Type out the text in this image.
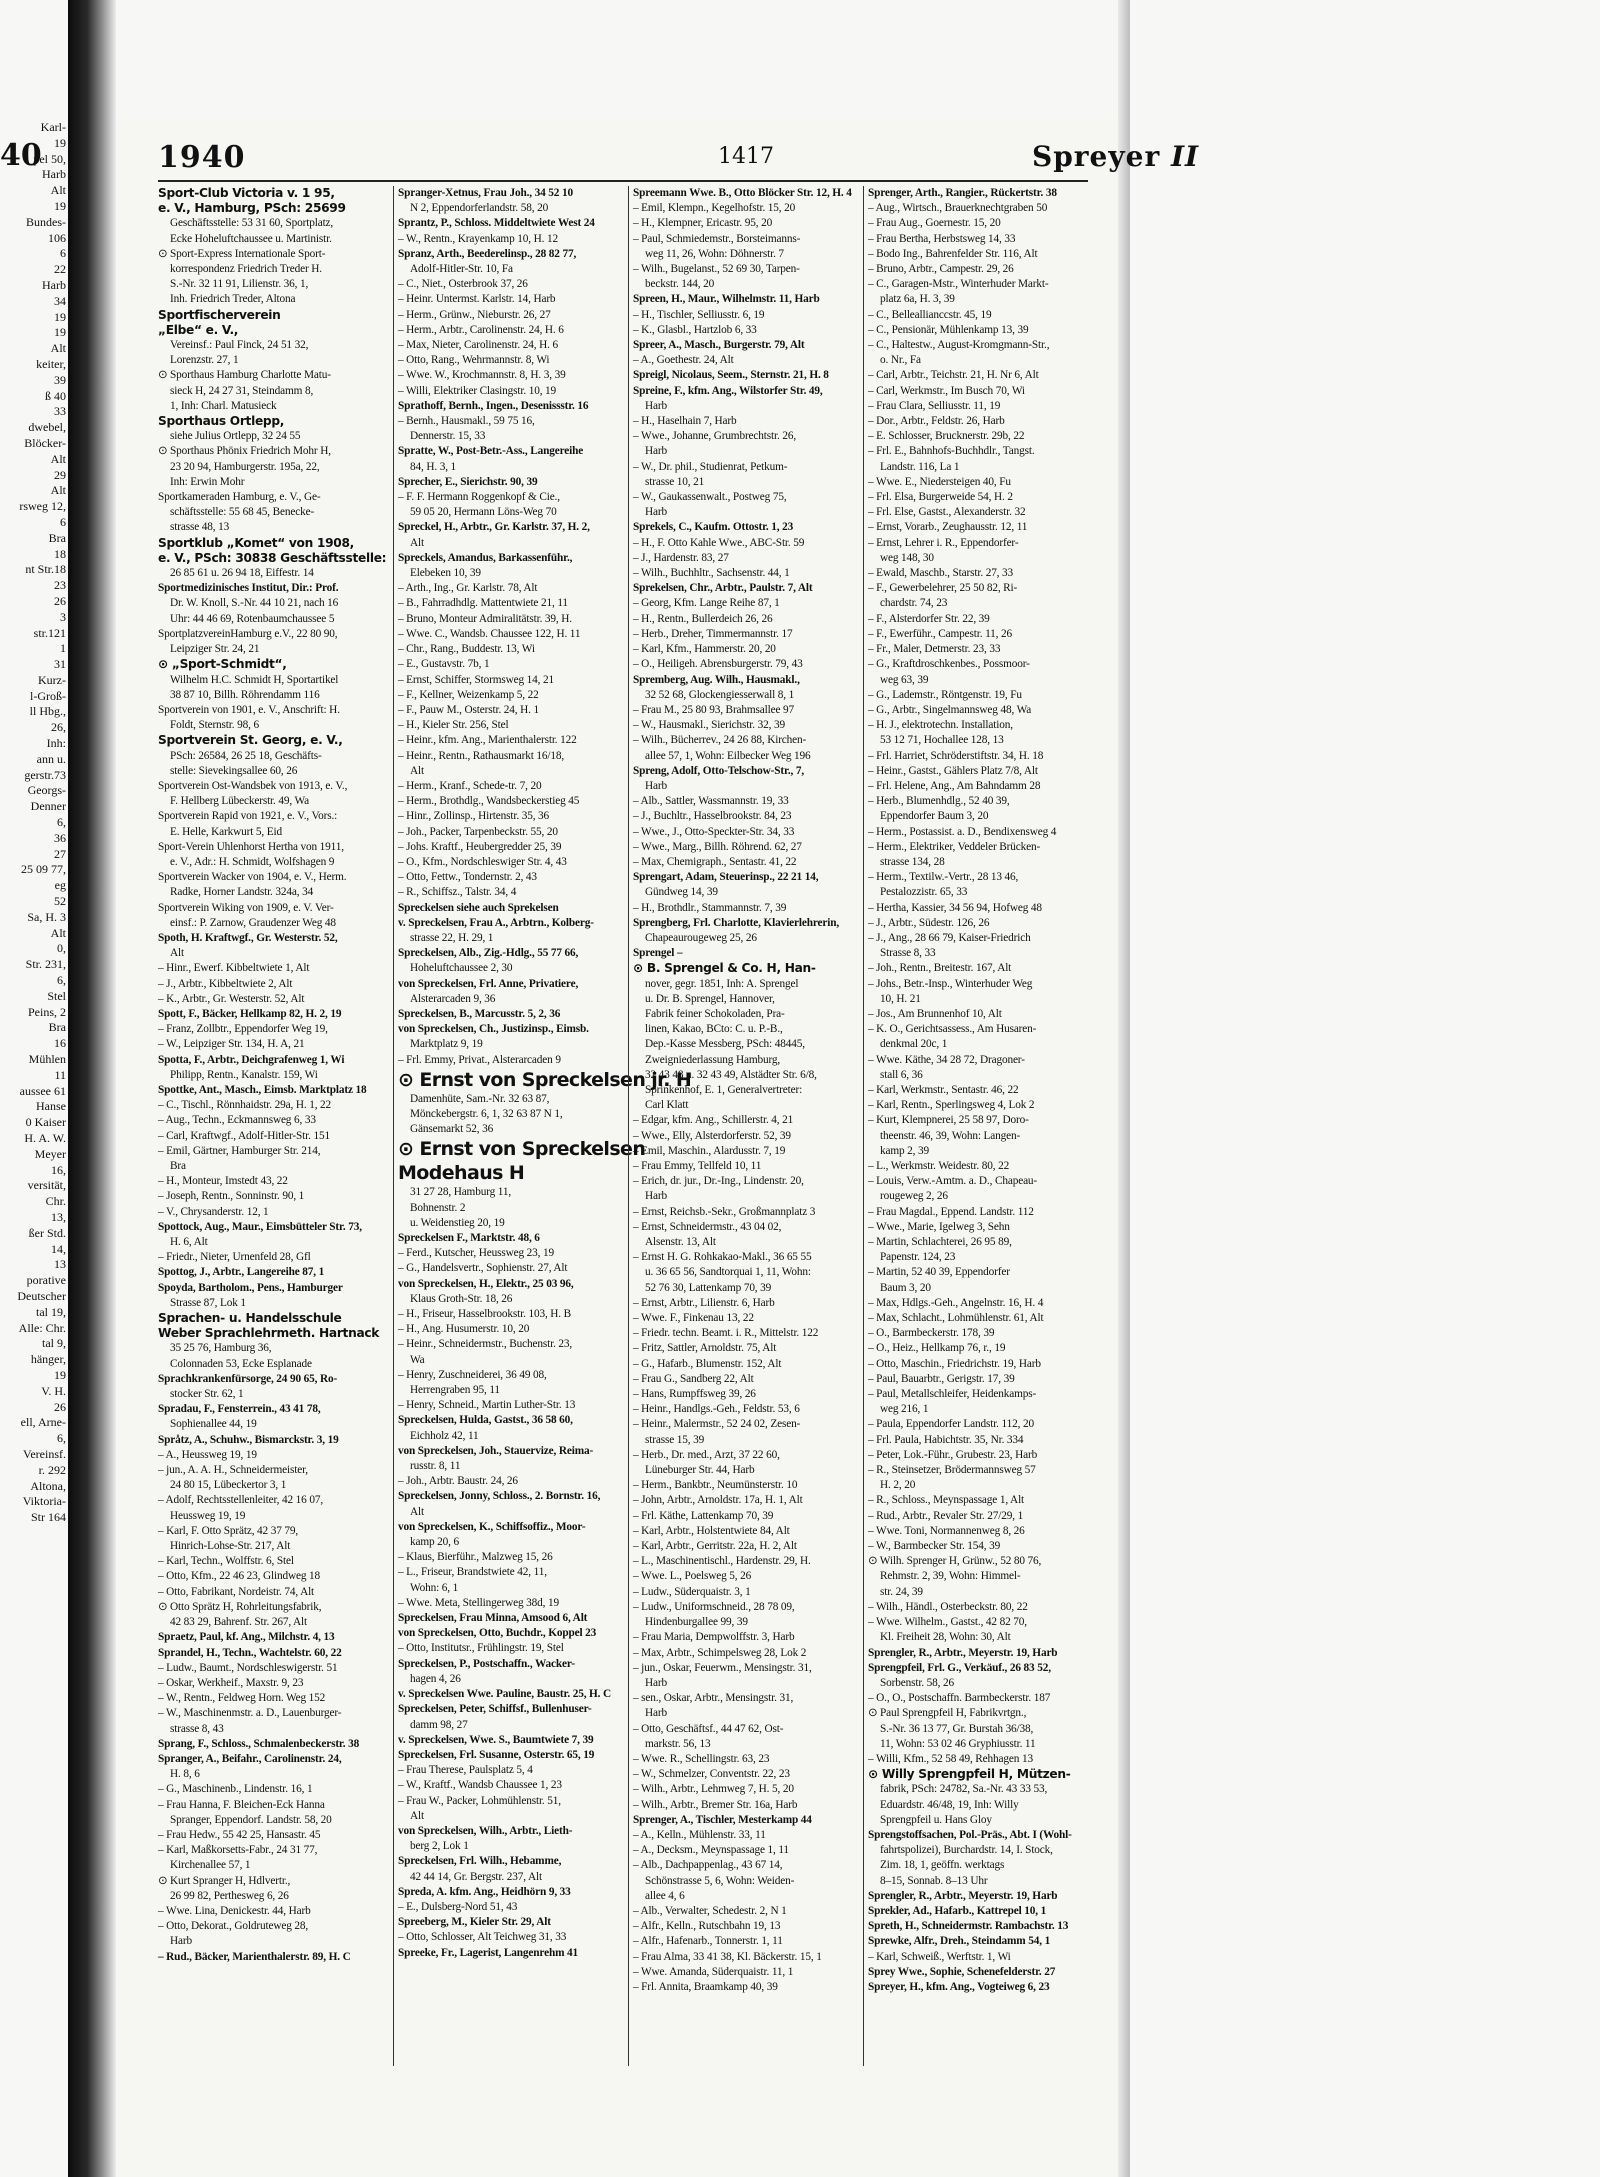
40
Karl-
19
pel 50,
Harb
Alt
19
Bundes-
106
6
22
Harb
34
19
19
Alt
keiter,
39
ß 40
33
dwebel,
Blöcker-
Alt
29
Alt
rsweg 12,
6
Bra
18
nt Str.18
23
26
3
str.121
1
31
Kurz-
l-Groß-
ll Hbg.,
26,
Inh:
ann u.
gerstr.73
Georgs-
Denner
6,
36
27
25 09 77,
eg
52
Sa, H. 3
Alt
0,
Str. 231,
6,
Stel
Peins, 2
Bra
16
Mühlen
11
aussee 61
Hanse
0 Kaiser
H. A. W.
Meyer
16,
versität,
Chr.
13,
ßer Std.
14,
13
porative
Deutscher
tal 19,
Alle: Chr.
tal 9,
hänger,
19
V. H.
26
ell, Arne-
6,
Vereinsf.
r. 292
Altona,
Viktoria-
Str 164
1940	1417	Spreyer II
Sport-Club Victoria v. 1 95,
e. V., Hamburg, PSch: 25699
Geschäftsstelle: 53 31 60, Sportplatz,
Ecke Hoheluftchaussee u. Martinistr.
⊙ Sport-Express Internationale Sport-
korrespondenz Friedrich Treder H.
S.-Nr. 32 11 91, Lilienstr. 36, 1,
Inh. Friedrich Treder, Altona
Sportfischerverein
„Elbe“ e. V.,
Vereinsf.: Paul Finck, 24 51 32,
Lorenzstr. 27, 1
⊙ Sporthaus Hamburg Charlotte Matu-
sieck H, 24 27 31, Steindamm 8,
1, Inh: Charl. Matusieck
Sporthaus Ortlepp,
siehe Julius Ortlepp, 32 24 55
⊙ Sporthaus Phönix Friedrich Mohr H,
23 20 94, Hamburgerstr. 195a, 22,
Inh: Erwin Mohr
Sportkameraden Hamburg, e. V., Ge-
schäftsstelle: 55 68 45, Benecke-
strasse 48, 13
Sportklub „Komet“ von 1908,
e. V., PSch: 30838 Geschäftsstelle:
26 85 61 u. 26 94 18, Eiffestr. 14
Sportmedizinisches Institut, Dir.: Prof.
Dr. W. Knoll, S.-Nr. 44 10 21, nach 16
Uhr: 44 46 69, Rotenbaumchaussee 5
SportplatzvereinHamburg e.V., 22 80 90,
Leipziger Str. 24, 21
⊙ „Sport-Schmidt“,
Wilhelm H.C. Schmidt H, Sportartikel
38 87 10, Billh. Röhrendamm 116
Sportverein von 1901, e. V., Anschrift: H.
Foldt, Sternstr. 98, 6
Sportverein St. Georg, e. V.,
PSch: 26584, 26 25 18, Geschäfts-
stelle: Sievekingsallee 60, 26
Sportverein Ost-Wandsbek von 1913, e. V.,
F. Hellberg Lübeckerstr. 49, Wa
Sportverein Rapid von 1921, e. V., Vors.:
E. Helle, Karkwurt 5, Eid
Sport-Verein Uhlenhorst Hertha von 1911,
e. V., Adr.: H. Schmidt, Wolfshagen 9
Sportverein Wacker von 1904, e. V., Herm.
Radke, Horner Landstr. 324a, 34
Sportverein Wiking von 1909, e. V. Ver-
einsf.: P. Zarnow, Graudenzer Weg 48
Spoth, H. Kraftwgf., Gr. Westerstr. 52,
Alt
– Hinr., Ewerf. Kibbeltwiete 1, Alt
– J., Arbtr., Kibbeltwiete 2, Alt
– K., Arbtr., Gr. Westerstr. 52, Alt
Spott, F., Bäcker, Hellkamp 82, H. 2, 19
– Franz, Zollbtr., Eppendorfer Weg 19,
– W., Leipziger Str. 134, H. A, 21
Spotta, F., Arbtr., Deichgrafenweg 1, Wi
Philipp, Rentn., Kanalstr. 159, Wi
Spottke, Ant., Masch., Eimsb. Marktplatz 18
– C., Tischl., Rönnhaidstr. 29a, H. 1, 22
– Aug., Techn., Eckmannsweg 6, 33
– Carl, Kraftwgf., Adolf-Hitler-Str. 151
– Emil, Gärtner, Hamburger Str. 214,
Bra
– H., Monteur, Imstedt 43, 22
– Joseph, Rentn., Sonninstr. 90, 1
– V., Chrysanderstr. 12, 1
Spottock, Aug., Maur., Eimsbütteler Str. 73,
H. 6, Alt
– Friedr., Nieter, Urnenfeld 28, Gfl
Spottog, J., Arbtr., Langereihe 87, 1
Spoyda, Bartholom., Pens., Hamburger
Strasse 87, Lok 1
Sprachen- u. Handelsschule
Weber Sprachlehrmeth. Hartnack
35 25 76, Hamburg 36,
Colonnaden 53, Ecke Esplanade
Sprachkrankenfürsorge, 24 90 65, Ro-
stocker Str. 62, 1
Spradau, F., Fensterrein., 43 41 78,
Sophienallee 44, 19
Språtz, A., Schuhw., Bismarckstr. 3, 19
– A., Heussweg 19, 19
– jun., A. A. H., Schneidermeister,
24 80 15, Lübeckertor 3, 1
– Adolf, Rechtsstellenleiter, 42 16 07,
Heussweg 19, 19
– Karl, F. Otto Sprätz, 42 37 79,
Hinrich-Lohse-Str. 217, Alt
– Karl, Techn., Wolffstr. 6, Stel
– Otto, Kfm., 22 46 23, Glindweg 18
– Otto, Fabrikant, Nordeistr. 74, Alt
⊙ Otto Sprätz H, Rohrleitungsfabrik,
42 83 29, Bahrenf. Str. 267, Alt
Spraetz, Paul, kf. Ang., Milchstr. 4, 13
Sprandel, H., Techn., Wachtelstr. 60, 22
– Ludw., Baumt., Nordschleswigerstr. 51
– Oskar, Werkheif., Maxstr. 9, 23
– W., Rentn., Feldweg Horn. Weg 152
– W., Maschinenmstr. a. D., Lauenburger-
strasse 8, 43
Sprang, F., Schloss., Schmalenbeckerstr. 38
Spranger, A., Beifahr., Carolinenstr. 24,
H. 8, 6
– G., Maschinenb., Lindenstr. 16, 1
– Frau Hanna, F. Bleichen-Eck Hanna
Spranger, Eppendorf. Landstr. 58, 20
– Frau Hedw., 55 42 25, Hansastr. 45
– Karl, Maßkorsetts-Fabr., 24 31 77,
Kirchenallee 57, 1
⊙ Kurt Spranger H, Hdlvertr.,
26 99 82, Perthesweg 6, 26
– Wwe. Lina, Denickestr. 44, Harb
– Otto, Dekorat., Goldruteweg 28,
Harb
– Rud., Bäcker, Marienthalerstr. 89, H. C
Spranger-Xetnus, Frau Joh., 34 52 10
N 2, Eppendorferlandstr. 58, 20
Sprantz, P., Schloss. Middeltwiete West 24
– W., Rentn., Krayenkamp 10, H. 12
Spranz, Arth., Beederelinsp., 28 82 77,
Adolf-Hitler-Str. 10, Fa
– C., Niet., Osterbrook 37, 26
– Heinr. Untermst. Karlstr. 14, Harb
– Herm., Grünw., Nieburstr. 26, 27
– Herm., Arbtr., Carolinenstr. 24, H. 6
– Max, Nieter, Carolinenstr. 24, H. 6
– Otto, Rang., Wehrmannstr. 8, Wi
– Wwe. W., Krochmannstr. 8, H. 3, 39
– Willi, Elektriker Clasingstr. 10, 19
Sprathoff, Bernh., Ingen., Desenissstr. 16
– Bernh., Hausmakl., 59 75 16,
Dennerstr. 15, 33
Spratte, W., Post-Betr.-Ass., Langereihe
84, H. 3, 1
Sprecher, E., Sierichstr. 90, 39
– F. F. Hermann Roggenkopf & Cie.,
59 05 20, Hermann Löns-Weg 70
Spreckel, H., Arbtr., Gr. Karlstr. 37, H. 2,
Alt
Spreckels, Amandus, Barkassenführ.,
Elebeken 10, 39
– Arth., Ing., Gr. Karlstr. 78, Alt
– B., Fahrradhdlg. Mattentwiete 21, 11
– Bruno, Monteur Admiralitätstr. 39, H.
– Wwe. C., Wandsb. Chaussee 122, H. 11
– Chr., Rang., Buddestr. 13, Wi
– E., Gustavstr. 7b, 1
– Ernst, Schiffer, Stormsweg 14, 21
– F., Kellner, Weizenkamp 5, 22
– F., Pauw M., Osterstr. 24, H. 1
– H., Kieler Str. 256, Stel
– Heinr., kfm. Ang., Marienthalerstr. 122
– Heinr., Rentn., Rathausmarkt 16/18,
Alt
– Herm., Kranf., Schede-tr. 7, 20
– Herm., Brothdlg., Wandsbeckerstieg 45
– Hinr., Zollinsp., Hirtenstr. 35, 36
– Joh., Packer, Tarpenbeckstr. 55, 20
– Johs. Kraftf., Heubergredder 25, 39
– O., Kfm., Nordschleswiger Str. 4, 43
– Otto, Fettw., Tondernstr. 2, 43
– R., Schiffsz., Talstr. 34, 4
Spreckelsen siehe auch Sprekelsen
v. Spreckelsen, Frau A., Arbtrn., Kolberg-
strasse 22, H. 29, 1
Spreckelsen, Alb., Zig.-Hdlg., 55 77 66,
Hoheluftchaussee 2, 30
von Spreckelsen, Frl. Anne, Privatiere,
Alsterarcaden 9, 36
Spreckelsen, B., Marcusstr. 5, 2, 36
von Spreckelsen, Ch., Justizinsp., Eimsb.
Marktplatz 9, 19
– Frl. Emmy, Privat., Alsterarcaden 9
⊙ Ernst von Spreckelsen jr. H
Damenhüte, Sam.-Nr. 32 63 87,
Mönckebergstr. 6, 1, 32 63 87 N 1,
Gänsemarkt 52, 36
⊙ Ernst von Spreckelsen
Modehaus H
31 27 28, Hamburg 11,
Bohnenstr. 2
u. Weidenstieg 20, 19
Spreckelsen F., Marktstr. 48, 6
– Ferd., Kutscher, Heussweg 23, 19
– G., Handelsvertr., Sophienstr. 27, Alt
von Spreckelsen, H., Elektr., 25 03 96,
Klaus Groth-Str. 18, 26
– H., Friseur, Hasselbrookstr. 103, H. B
– H., Ang. Husumerstr. 10, 20
– Heinr., Schneidermstr., Buchenstr. 23,
Wa
– Henry, Zuschneiderei, 36 49 08,
Herrengraben 95, 11
– Henry, Schneid., Martin Luther-Str. 13
Spreckelsen, Hulda, Gastst., 36 58 60,
Eichholz 42, 11
von Spreckelsen, Joh., Stauervize, Reima-
russtr. 8, 11
– Joh., Arbtr. Baustr. 24, 26
Spreckelsen, Jonny, Schloss., 2. Bornstr. 16,
Alt
von Spreckelsen, K., Schiffsoffiz., Moor-
kamp 20, 6
– Klaus, Bierführ., Malzweg 15, 26
– L., Friseur, Brandstwiete 42, 11,
Wohn: 6, 1
– Wwe. Meta, Stellingerweg 38d, 19
Spreckelsen, Frau Minna, Amsood 6, Alt
von Spreckelsen, Otto, Buchdr., Koppel 23
– Otto, Institutsr., Frühlingstr. 19, Stel
Spreckelsen, P., Postschaffn., Wacker-
hagen 4, 26
v. Spreckelsen Wwe. Pauline, Baustr. 25, H. C
Spreckelsen, Peter, Schiffsf., Bullenhuser-
damm 98, 27
v. Spreckelsen, Wwe. S., Baumtwiete 7, 39
Spreckelsen, Frl. Susanne, Osterstr. 65, 19
– Frau Therese, Paulsplatz 5, 4
– W., Kraftf., Wandsb Chaussee 1, 23
– Frau W., Packer, Lohmühlenstr. 51,
Alt
von Spreckelsen, Wilh., Arbtr., Lieth-
berg 2, Lok 1
Spreckelsen, Frl. Wilh., Hebamme,
42 44 14, Gr. Bergstr. 237, Alt
Spreda, A. kfm. Ang., Heidhörn 9, 33
– E., Dulsberg-Nord 51, 43
Spreeberg, M., Kieler Str. 29, Alt
– Otto, Schlosser, Alt Teichweg 31, 33
Spreeke, Fr., Lagerist, Langenrehm 41
Spreemann Wwe. B., Otto Blöcker Str. 12, H. 4
– Emil, Klempn., Kegelhofstr. 15, 20
– H., Klempner, Ericastr. 95, 20
– Paul, Schmiedemstr., Borsteimanns-
weg 11, 26, Wohn: Döhnerstr. 7
– Wilh., Bugelanst., 52 69 30, Tarpen-
beckstr. 144, 20
Spreen, H., Maur., Wilhelmstr. 11, Harb
– H., Tischler, Selliusstr. 6, 19
– K., Glasbl., Hartzlob 6, 33
Spreer, A., Masch., Burgerstr. 79, Alt
– A., Goethestr. 24, Alt
Spreigl, Nicolaus, Seem., Sternstr. 21, H. 8
Spreine, F., kfm. Ang., Wilstorfer Str. 49,
Harb
– H., Haselhain 7, Harb
– Wwe., Johanne, Grumbrechtstr. 26,
Harb
– W., Dr. phil., Studienrat, Petkum-
strasse 10, 21
– W., Gaukassenwalt., Postweg 75,
Harb
Sprekels, C., Kaufm. Ottostr. 1, 23
– H., F. Otto Kahle Wwe., ABC-Str. 59
– J., Hardenstr. 83, 27
– Wilh., Buchhltr., Sachsenstr. 44, 1
Sprekelsen, Chr., Arbtr., Paulstr. 7, Alt
– Georg, Kfm. Lange Reihe 87, 1
– H., Rentn., Bullerdeich 26, 26
– Herb., Dreher, Timmermannstr. 17
– Karl, Kfm., Hammerstr. 20, 20
– O., Heiligeh. Abrensburgerstr. 79, 43
Spremberg, Aug. Wilh., Hausmakl.,
32 52 68, Glockengiesserwall 8, 1
– Frau M., 25 80 93, Brahmsallee 97
– W., Hausmakl., Sierichstr. 32, 39
– Wilh., Bücherrev., 24 26 88, Kirchen-
allee 57, 1, Wohn: Eilbecker Weg 196
Spreng, Adolf, Otto-Telschow-Str., 7,
Harb
– Alb., Sattler, Wassmannstr. 19, 33
– J., Buchltr., Hasselbrookstr. 84, 23
– Wwe., J., Otto-Speckter-Str. 34, 33
– Wwe., Marg., Billh. Röhrend. 62, 27
– Max, Chemigraph., Sentastr. 41, 22
Sprengart, Adam, Steuerinsp., 22 21 14,
Gündweg 14, 39
– H., Brothdlr., Stammannstr. 7, 39
Sprengberg, Frl. Charlotte, Klavierlehrerin,
Chapeaurougeweg 25, 26
Sprengel –
⊙ B. Sprengel & Co. H, Han-
nover, gegr. 1851, Inh: A. Sprengel
u. Dr. B. Sprengel, Hannover,
Fabrik feiner Schokoladen, Pra-
linen, Kakao, BCto: C. u. P.-B.,
Dep.-Kasse Messberg, PSch: 48445,
Zweigniederlassung Hamburg,
32 43 48 u. 32 43 49, Alstädter Str. 6/8,
Sprinkenhof, E. 1, Generalvertreter:
Carl Klatt
– Edgar, kfm. Ang., Schillerstr. 4, 21
– Wwe., Elly, Alsterdorferstr. 52, 39
– Emil, Maschin., Alardusstr. 7, 19
– Frau Emmy, Tellfeld 10, 11
– Erich, dr. jur., Dr.-Ing., Lindenstr. 20,
Harb
– Ernst, Reichsb.-Sekr., Großmannplatz 3
– Ernst, Schneidermstr., 43 04 02,
Alsenstr. 13, Alt
– Ernst H. G. Rohkakao-Makl., 36 65 55
u. 36 65 56, Sandtorquai 1, 11, Wohn:
52 76 30, Lattenkamp 70, 39
– Ernst, Arbtr., Lilienstr. 6, Harb
– Wwe. F., Finkenau 13, 22
– Friedr. techn. Beamt. i. R., Mittelstr. 122
– Fritz, Sattler, Arnoldstr. 75, Alt
– G., Hafarb., Blumenstr. 152, Alt
– Frau G., Sandberg 22, Alt
– Hans, Rumpffsweg 39, 26
– Heinr., Handlgs.-Geh., Feldstr. 53, 6
– Heinr., Malermstr., 52 24 02, Zesen-
strasse 15, 39
– Herb., Dr. med., Arzt, 37 22 60,
Lüneburger Str. 44, Harb
– Herm., Bankbtr., Neumünsterstr. 10
– John, Arbtr., Arnoldstr. 17a, H. 1, Alt
– Frl. Käthe, Lattenkamp 70, 39
– Karl, Arbtr., Holstentwiete 84, Alt
– Karl, Arbtr., Gerritstr. 22a, H. 2, Alt
– L., Maschinentischl., Hardenstr. 29, H.
– Wwe. L., Poelsweg 5, 26
– Ludw., Süderquaistr. 3, 1
– Ludw., Uniformschneid., 28 78 09,
Hindenburgallee 99, 39
– Frau Maria, Dempwolffstr. 3, Harb
– Max, Arbtr., Schimpelsweg 28, Lok 2
– jun., Oskar, Feuerwm., Mensingstr. 31,
Harb
– sen., Oskar, Arbtr., Mensingstr. 31,
Harb
– Otto, Geschäftsf., 44 47 62, Ost-
markstr. 56, 13
– Wwe. R., Schellingstr. 63, 23
– W., Schmelzer, Conventstr. 22, 23
– Wilh., Arbtr., Lehmweg 7, H. 5, 20
– Wilh., Arbtr., Bremer Str. 16a, Harb
Sprenger, A., Tischler, Mesterkamp 44
– A., Kelln., Mühlenstr. 33, 11
– A., Decksm., Meynspassage 1, 11
– Alb., Dachpappenlag., 43 67 14,
Schönstrasse 5, 6, Wohn: Weiden-
allee 4, 6
– Alb., Verwalter, Schedestr. 2, N 1
– Alfr., Kelln., Rutschbahn 19, 13
– Alfr., Hafenarb., Tonnerstr. 1, 11
– Frau Alma, 33 41 38, Kl. Bäckerstr. 15, 1
– Wwe. Amanda, Süderquaistr. 11, 1
– Frl. Annita, Braamkamp 40, 39
Sprenger, Arth., Rangier., Rückertstr. 38
– Aug., Wirtsch., Brauerknechtgraben 50
– Frau Aug., Goernestr. 15, 20
– Frau Bertha, Herbstsweg 14, 33
– Bodo Ing., Bahrenfelder Str. 116, Alt
– Bruno, Arbtr., Campestr. 29, 26
– C., Garagen-Mstr., Winterhuder Markt-
platz 6a, H. 3, 39
– C., Belleallianccstr. 45, 19
– C., Pensionär, Mühlenkamp 13, 39
– C., Haltestw., August-Kromgmann-Str.,
o. Nr., Fa
– Carl, Arbtr., Teichstr. 21, H. Nr 6, Alt
– Carl, Werkmstr., Im Busch 70, Wi
– Frau Clara, Selliusstr. 11, 19
– Dor., Arbtr., Feldstr. 26, Harb
– E. Schlosser, Brucknerstr. 29b, 22
– Frl. E., Bahnhofs-Buchhdlr., Tangst.
Landstr. 116, La 1
– Wwe. E., Niedersteigen 40, Fu
– Frl. Elsa, Burgerweide 54, H. 2
– Frl. Else, Gastst., Alexanderstr. 32
– Ernst, Vorarb., Zeughausstr. 12, 11
– Ernst, Lehrer i. R., Eppendorfer-
weg 148, 30
– Ewald, Maschb., Starstr. 27, 33
– F., Gewerbelehrer, 25 50 82, Ri-
chardstr. 74, 23
– F., Alsterdorfer Str. 22, 39
– F., Ewerführ., Campestr. 11, 26
– Fr., Maler, Detmerstr. 23, 33
– G., Kraftdroschkenbes., Possmoor-
weg 63, 39
– G., Lademstr., Röntgenstr. 19, Fu
– G., Arbtr., Singelmannsweg 48, Wa
– H. J., elektrotechn. Installation,
53 12 71, Hochallee 128, 13
– Frl. Harriet, Schröderstiftstr. 34, H. 18
– Heinr., Gastst., Gählers Platz 7/8, Alt
– Frl. Helene, Ang., Am Bahndamm 28
– Herb., Blumenhdlg., 52 40 39,
Eppendorfer Baum 3, 20
– Herm., Postassist. a. D., Bendixensweg 4
– Herm., Elektriker, Veddeler Brücken-
strasse 134, 28
– Herm., Textilw.-Vertr., 28 13 46,
Pestalozzistr. 65, 33
– Hertha, Kassier, 34 56 94, Hofweg 48
– J., Arbtr., Südestr. 126, 26
– J., Ang., 28 66 79, Kaiser-Friedrich
Strasse 8, 33
– Joh., Rentn., Breitestr. 167, Alt
– Johs., Betr.-Insp., Winterhuder Weg
10, H. 21
– Jos., Am Brunnenhof 10, Alt
– K. O., Gerichtsassess., Am Husaren-
denkmal 20c, 1
– Wwe. Käthe, 34 28 72, Dragoner-
stall 6, 36
– Karl, Werkmstr., Sentastr. 46, 22
– Karl, Rentn., Sperlingsweg 4, Lok 2
– Kurt, Klempnerei, 25 58 97, Doro-
theenstr. 46, 39, Wohn: Langen-
kamp 2, 39
– L., Werkmstr. Weidestr. 80, 22
– Louis, Verw.-Amtm. a. D., Chapeau-
rougeweg 2, 26
– Frau Magdal., Eppend. Landstr. 112
– Wwe., Marie, Igelweg 3, Sehn
– Martin, Schlachterei, 26 95 89,
Papenstr. 124, 23
– Martin, 52 40 39, Eppendorfer
Baum 3, 20
– Max, Hdlgs.-Geh., Angelnstr. 16, H. 4
– Max, Schlacht., Lohmühlenstr. 61, Alt
– O., Barmbeckerstr. 178, 39
– O., Heiz., Hellkamp 76, r., 19
– Otto, Maschin., Friedrichstr. 19, Harb
– Paul, Bauarbtr., Gerigstr. 17, 39
– Paul, Metallschleifer, Heidenkamps-
weg 216, 1
– Paula, Eppendorfer Landstr. 112, 20
– Frl. Paula, Habichtstr. 35, Nr. 334
– Peter, Lok.-Führ., Grubestr. 23, Harb
– R., Steinsetzer, Brödermannsweg 57
H. 2, 20
– R., Schloss., Meynspassage 1, Alt
– Rud., Arbtr., Revaler Str. 27/29, 1
– Wwe. Toni, Normannenweg 8, 26
– W., Barmbecker Str. 154, 39
⊙ Wilh. Sprenger H, Grünw., 52 80 76,
Rehmstr. 2, 39, Wohn: Himmel-
str. 24, 39
– Wilh., Händl., Osterbeckstr. 80, 22
– Wwe. Wilhelm., Gastst., 42 82 70,
Kl. Freiheit 28, Wohn: 30, Alt
Sprengler, R., Arbtr., Meyerstr. 19, Harb
Sprengpfeil, Frl. G., Verkäuf., 26 83 52,
Sorbenstr. 58, 26
– O., O., Postschaffn. Barmbeckerstr. 187
⊙ Paul Sprengpfeil H, Fabrikvrtgn.,
S.-Nr. 36 13 77, Gr. Burstah 36/38,
11, Wohn: 53 02 46 Gryphiusstr. 11
– Willi, Kfm., 52 58 49, Rehhagen 13
⊙ Willy Sprengpfeil H, Mützen-
fabrik, PSch: 24782, Sa.-Nr. 43 33 53,
Eduardstr. 46/48, 19, Inh: Willy
Sprengpfeil u. Hans Gloy
Sprengstoffsachen, Pol.-Präs., Abt. I (Wohl-
fahrtspolizei), Burchardstr. 14, I. Stock,
Zim. 18, 1, geöffn. werktags
8–15, Sonnab. 8–13 Uhr
Sprengler, R., Arbtr., Meyerstr. 19, Harb
Sprekler, Ad., Hafarb., Kattrepel 10, 1
Spreth, H., Schneidermstr. Rambachstr. 13
Sprewke, Alfr., Dreh., Steindamm 54, 1
– Karl, Schweiß., Werftstr. 1, Wi
Sprey Wwe., Sophie, Schenefelderstr. 27
Spreyer, H., kfm. Ang., Vogteiweg 6, 23
